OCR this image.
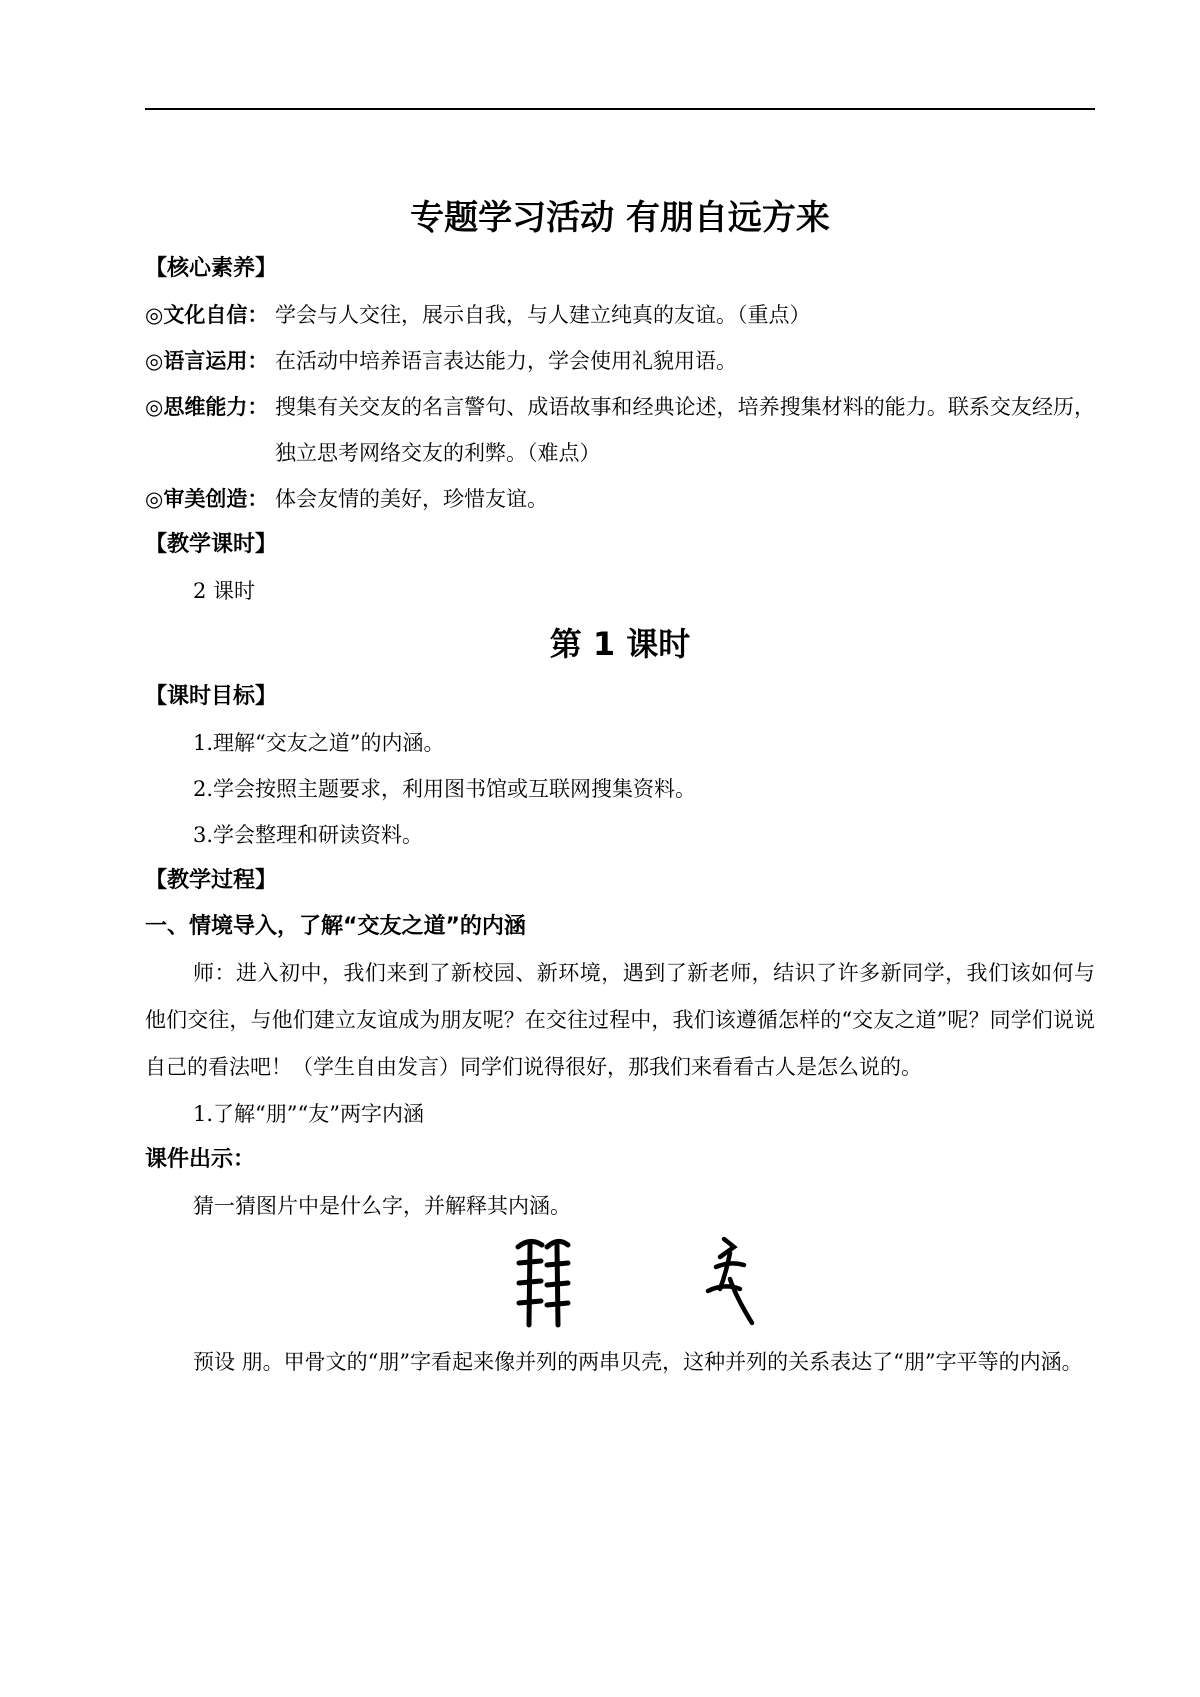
专题学习活动 有朋自远方来
【核心素养】
◎文化自信： 学会与人交往，展示自我，与人建立纯真的友谊。（重点）
◎语言运用： 在活动中培养语言表达能力，学会使用礼貌用语。
◎思维能力： 搜集有关交友的名言警句、成语故事和经典论述，培养搜集材料的能力。联系交友经历，独立思考网络交友的利弊。（难点）
◎审美创造： 体会友情的美好，珍惜友谊。
【教学课时】
2 课时
第 1 课时
【课时目标】
1.理解“交友之道”的内涵。
2.学会按照主题要求，利用图书馆或互联网搜集资料。
3.学会整理和研读资料。
【教学过程】
一、情境导入，了解“交友之道”的内涵
师：进入初中，我们来到了新校园、新环境，遇到了新老师，结识了许多新同学，我们该如何与他们交往，与他们建立友谊成为朋友呢？在交往过程中，我们该遵循怎样的“交友之道”呢？同学们说说自己的看法吧！（学生自由发言）同学们说得很好，那我们来看看古人是怎么说的。
1.了解“朋”“友”两字内涵
课件出示：
猜一猜图片中是什么字，并解释其内涵。
预设 朋。甲骨文的“朋”字看起来像并列的两串贝壳，这种并列的关系表达了“朋”字平等的内涵。
